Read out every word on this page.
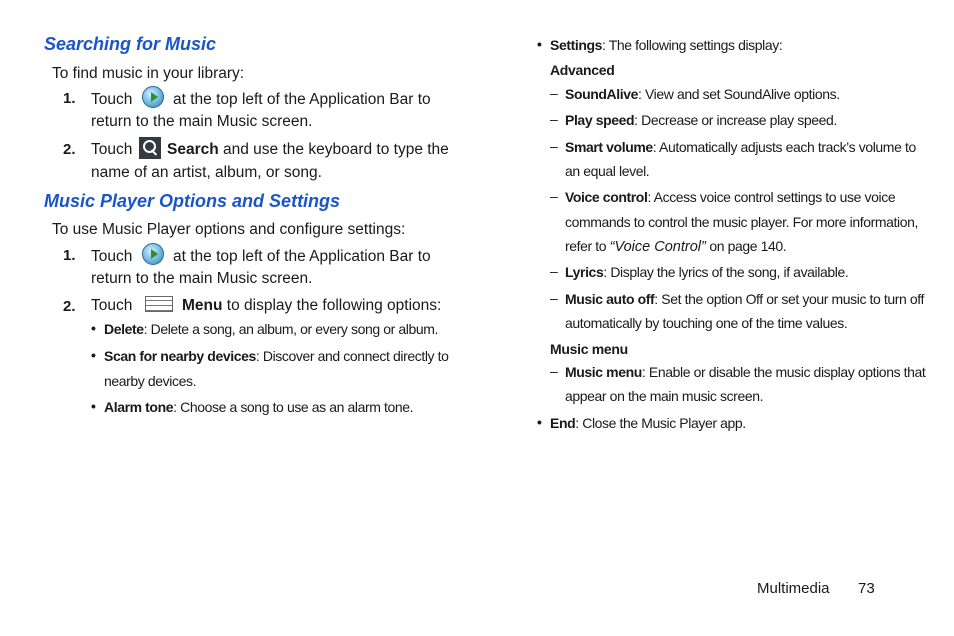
Searching for Music
To find music in your library:
1. Touch	at the top left of the Application Bar to
return to the main Music screen.
2. Touch Search and use the keyboard to type the
name of an artist, album, or song.
Music Player Options and Settings
To use Music Player options and configure settings:
1. Touch	at the top left of the Application Bar to
return to the main Music screen.
2. Touch	Menu to display the following options:
• Delete: Delete a song, an album, or every song or album.
• Scan for nearby devices: Discover and connect directly to
nearby devices.
• Alarm tone: Choose a song to use as an alarm tone.
• Settings: The following settings display:
Advanced
– SoundAlive: View and set SoundAlive options.
– Play speed: Decrease or increase play speed.
– Smart volume: Automatically adjusts each track’s volume to
an equal level.
– Voice control: Access voice control settings to use voice
commands to control the music player. For more information,
refer to “Voice Control” on page 140.
– Lyrics: Display the lyrics of the song, if available.
– Music auto off: Set the option Off or set your music to turn off
automatically by touching one of the time values.
Music menu
– Music menu: Enable or disable the music display options that
appear on the main music screen.
• End: Close the Music Player app.
Multimedia 73
